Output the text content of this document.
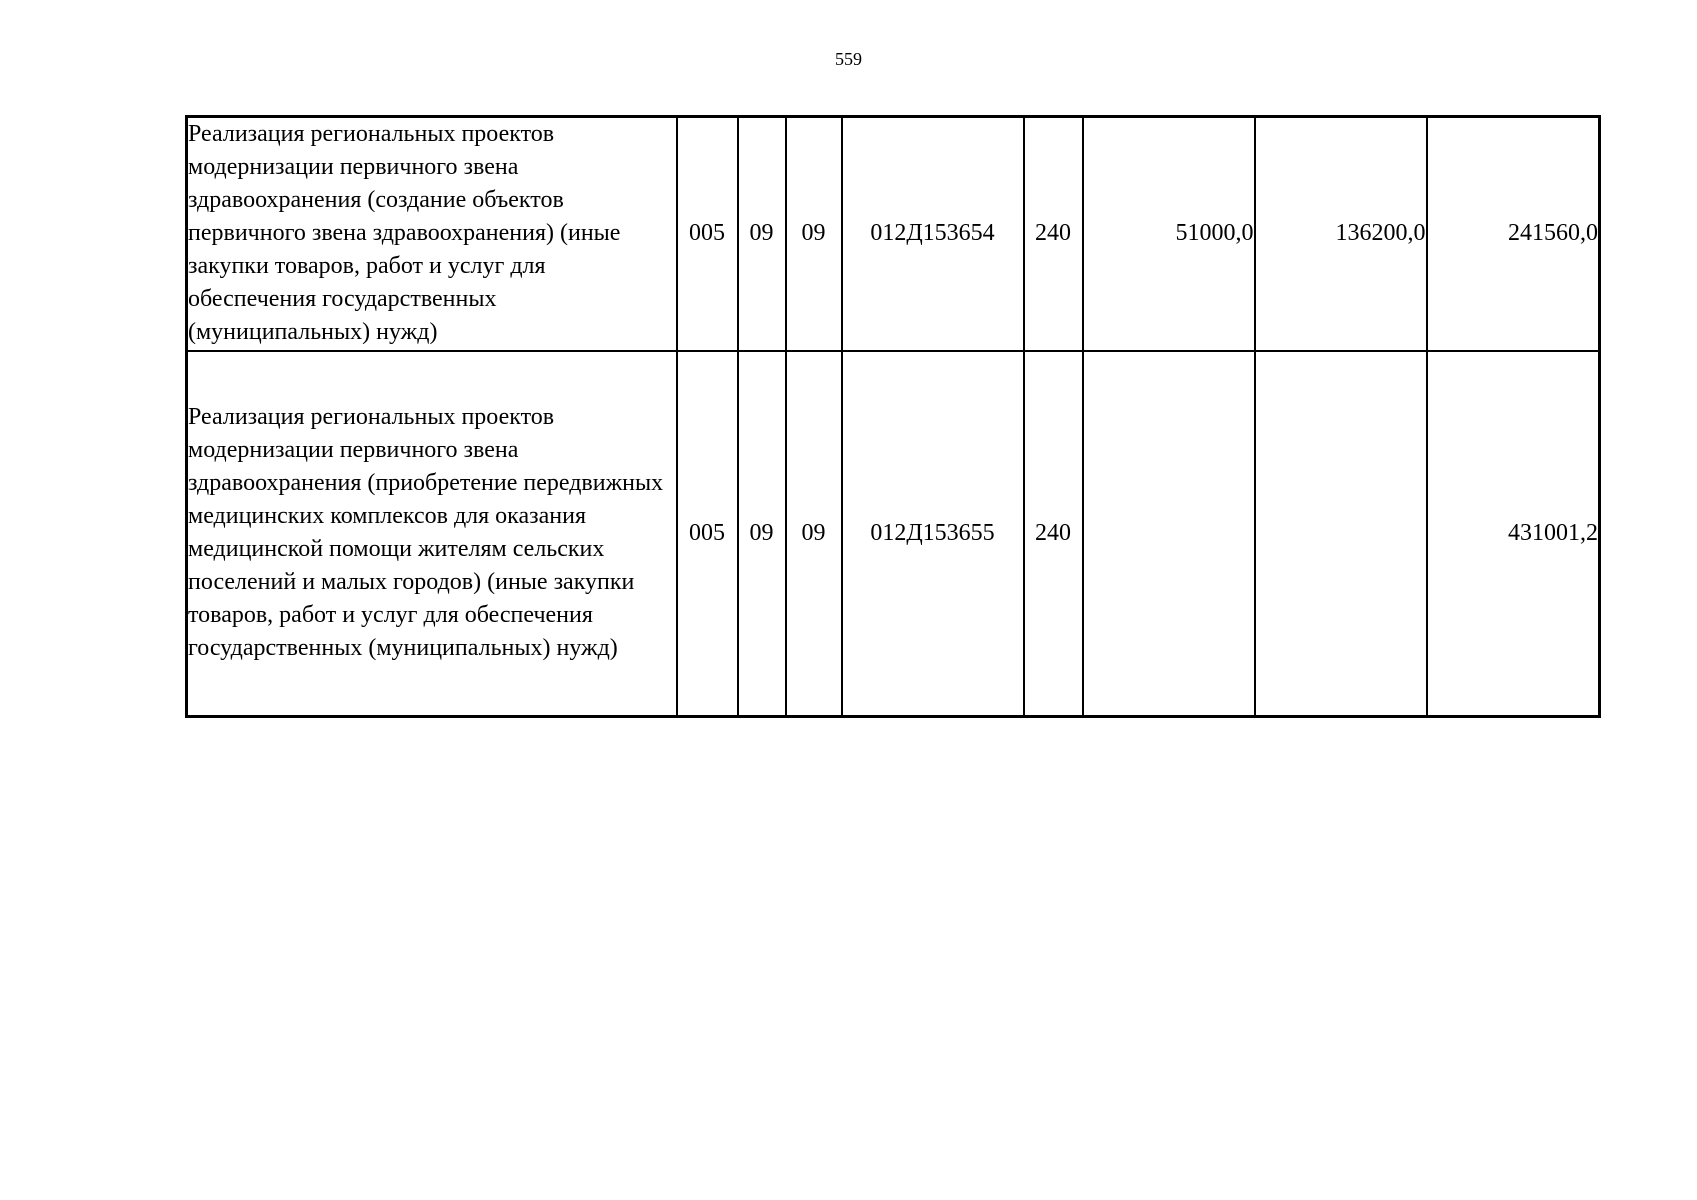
559
Реализация региональных проектов модернизации первичного звена здравоохранения (создание объектов первичного звена здравоохранения) (иные закупки товаров, работ и услуг для обеспечения государственных (муниципальных) нужд)	005	09	09	012Д153654	240	51000,0	136200,0	241560,0
Реализация региональных проектов модернизации первичного звена здравоохранения (приобретение передвижных медицинских комплексов для оказания медицинской помощи жителям сельских поселений и малых городов) (иные закупки товаров, работ и услуг для обеспечения государственных (муниципальных) нужд)	005	09	09	012Д153655	240			431001,2
